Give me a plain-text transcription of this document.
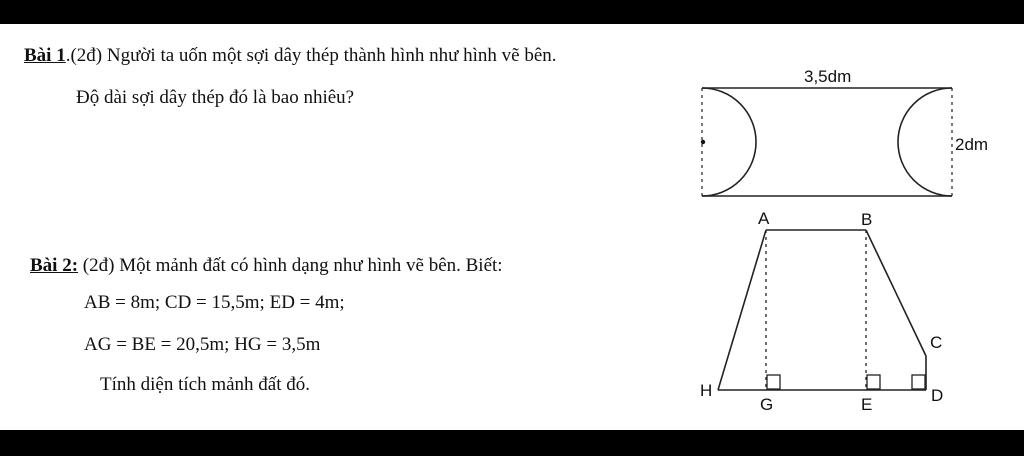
Bài 1.(2đ) Người ta uốn một sợi dây thép thành hình như hình vẽ bên.

Độ dài sợi dây thép đó là bao nhiêu?

Bài 2: (2đ) Một mảnh đất có hình dạng như hình vẽ bên. Biết:

AB = 8m; CD = 15,5m; ED = 4m;

AG = BE = 20,5m; HG = 3,5m

Tính diện tích mảnh đất đó.

3,5dm
2dm
A	B
C
D
E
G
H
